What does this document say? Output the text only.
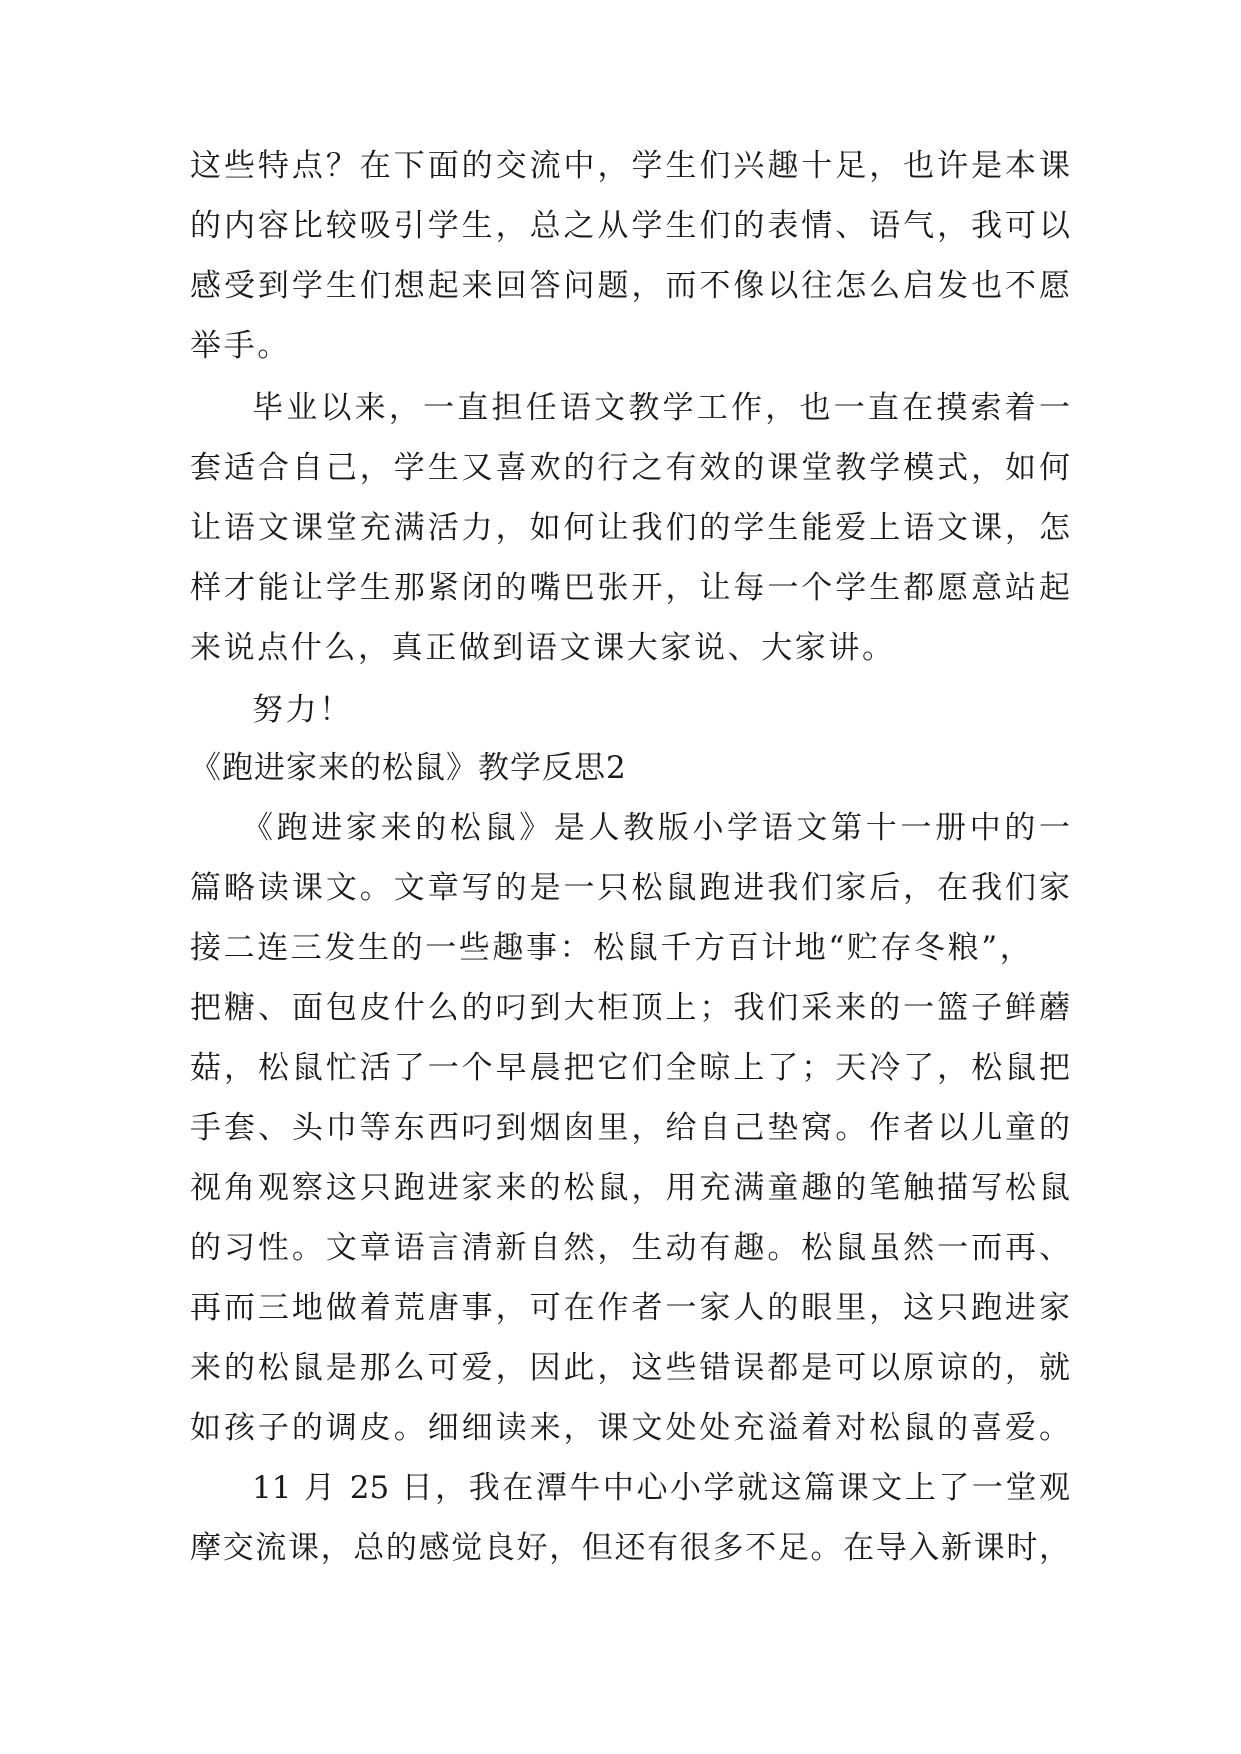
这些特点？在下面的交流中，学生们兴趣十足，也许是本课
的内容比较吸引学生，总之从学生们的表情、语气，我可以
感受到学生们想起来回答问题，而不像以往怎么启发也不愿
举手。
毕业以来，一直担任语文教学工作，也一直在摸索着一
套适合自己，学生又喜欢的行之有效的课堂教学模式，如何
让语文课堂充满活力，如何让我们的学生能爱上语文课，怎
样才能让学生那紧闭的嘴巴张开，让每一个学生都愿意站起
来说点什么，真正做到语文课大家说、大家讲。
努力！
《跑进家来的松鼠》教学反思2
《跑进家来的松鼠》是人教版小学语文第十一册中的一
篇略读课文。文章写的是一只松鼠跑进我们家后，在我们家
接二连三发生的一些趣事：松鼠千方百计地“贮存冬粮”，
把糖、面包皮什么的叼到大柜顶上；我们采来的一篮子鲜蘑
菇，松鼠忙活了一个早晨把它们全晾上了；天冷了，松鼠把
手套、头巾等东西叼到烟囱里，给自己垫窝。作者以儿童的
视角观察这只跑进家来的松鼠，用充满童趣的笔触描写松鼠
的习性。文章语言清新自然，生动有趣。松鼠虽然一而再、
再而三地做着荒唐事，可在作者一家人的眼里，这只跑进家
来的松鼠是那么可爱，因此，这些错误都是可以原谅的，就
如孩子的调皮。细细读来，课文处处充溢着对松鼠的喜爱。
11 月 25 日，我在潭牛中心小学就这篇课文上了一堂观
摩交流课，总的感觉良好，但还有很多不足。在导入新课时，
